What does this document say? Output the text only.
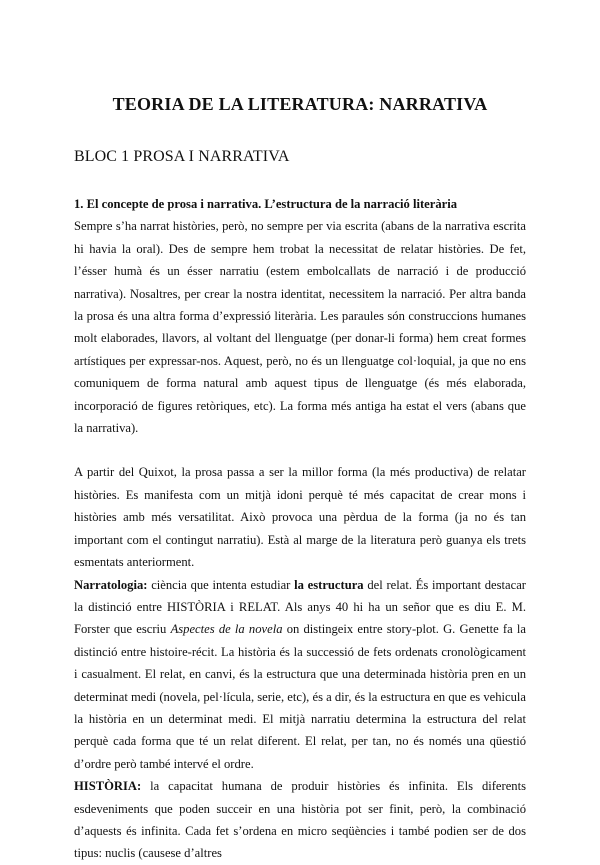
TEORIA DE LA LITERATURA: NARRATIVA
BLOC 1 PROSA I NARRATIVA

1. El concepte de prosa i narrativa. L’estructura de la narració literària

Sempre s’ha narrat històries, però, no sempre per via escrita (abans de la narrativa escrita hi havia la oral). Des de sempre hem trobat la necessitat de relatar històries. De fet, l’ésser humà és un ésser narratiu (estem embolcallats de narració i de producció narrativa). Nosaltres, per crear la nostra identitat, necessitem la narració. Per altra banda la prosa és una altra forma d’expressió literària. Les paraules són construccions humanes molt elaborades, llavors, al voltant del llenguatge (per donar-li forma) hem creat formes artístiques per expressar-nos. Aquest, però, no és un llenguatge col·loquial, ja que no ens comuniquem de forma natural amb aquest tipus de llenguatge (és més elaborada, incorporació de figures retòriques, etc). La forma més antiga ha estat el vers (abans que la narrativa).

A partir del Quixot, la prosa passa a ser la millor forma (la més productiva) de relatar històries. Es manifesta com un mitjà idoni perquè té més capacitat de crear mons i històries amb més versatilitat. Això provoca una pèrdua de la forma (ja no és tan important com el contingut narratiu). Està al marge de la literatura però guanya els trets esmentats anteriorment.

Narratologia: ciència que intenta estudiar la estructura del relat. És important destacar la distinció entre HISTÒRIA i RELAT. Als anys 40 hi ha un señor que es diu E. M. Forster que escriu Aspectes de la novela on distingeix entre story-plot. G. Genette fa la distinció entre histoire-récit. La història és la successió de fets ordenats cronològicament i casualment. El relat, en canvi, és la estructura que una determinada història pren en un determinat medi (novela, pel·lícula, serie, etc), és a dir, és la estructura en que es vehicula la història en un determinat medi. El mitjà narratiu determina la estructura del relat perquè cada forma que té un relat diferent. El relat, per tan, no és només una qüestió d’ordre però també intervé el ordre.

HISTÒRIA: la capacitat humana de produir històries és infinita. Els diferents esdeveniments que poden succeir en una història pot ser finit, però, la combinació d’aquests és infinita. Cada fet s’ordena en micro seqüències i també podien ser de dos tipus: nuclis (causese d’altres
